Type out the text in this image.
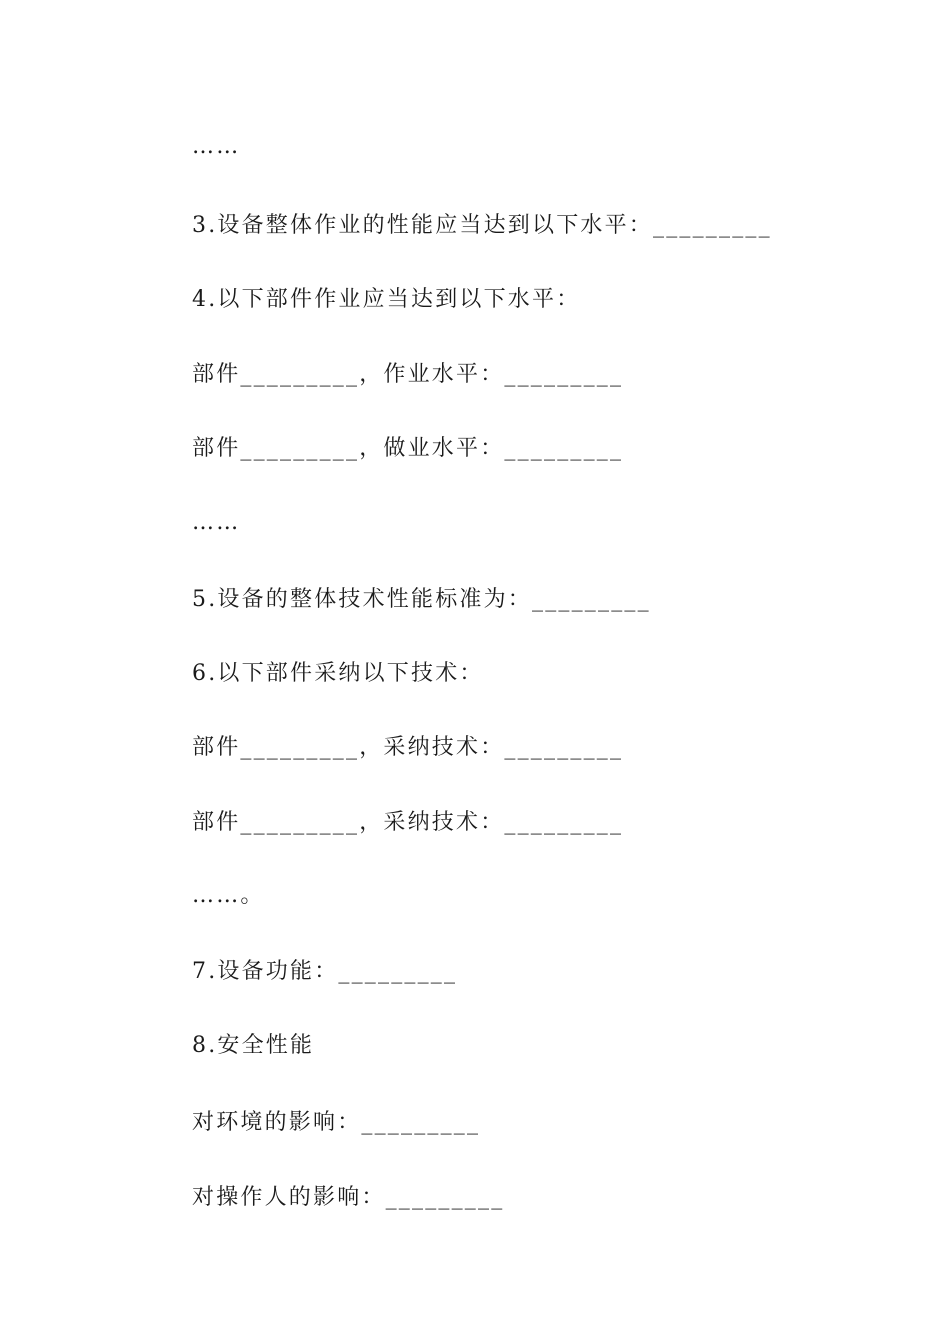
……
3.设备整体作业的性能应当达到以下水平：_________
4.以下部件作业应当达到以下水平：
部件_________，作业水平：_________
部件_________，做业水平：_________
……
5.设备的整体技术性能标准为：_________
6.以下部件采纳以下技术：
部件_________，采纳技术：_________
部件_________，采纳技术：_________
……。
7.设备功能：_________
8.安全性能
对环境的影响：_________
对操作人的影响：_________
